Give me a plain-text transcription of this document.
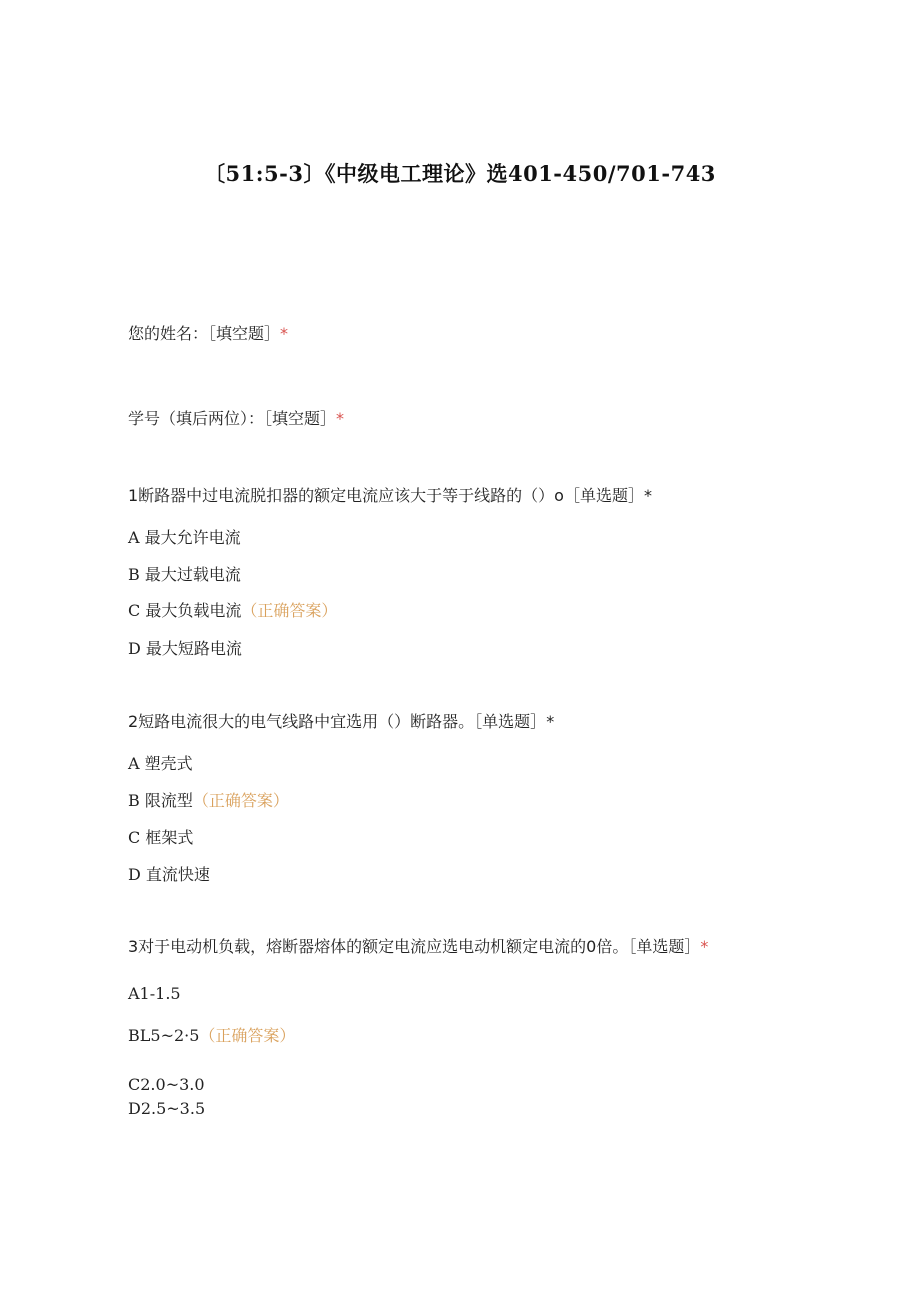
〔51:5-3〕《中级电工理论》选401-450/701-743
您的姓名：［填空题］*
学号（填后两位）：［填空题］*
1断路器中过电流脱扣器的额定电流应该大于等于线路的（）o［单选题］*
A 最大允许电流
B 最大过载电流
C 最大负载电流（正确答案）
D 最大短路电流
2短路电流很大的电气线路中宜选用（）断路器。［单选题］*
A 塑壳式
B 限流型（正确答案）
C 框架式
D 直流快速
3对于电动机负载，熔断器熔体的额定电流应选电动机额定电流的0倍。［单选题］*
A1-1.5
BL5~2·5（正确答案）
C2.0~3.0
D2.5~3.5
